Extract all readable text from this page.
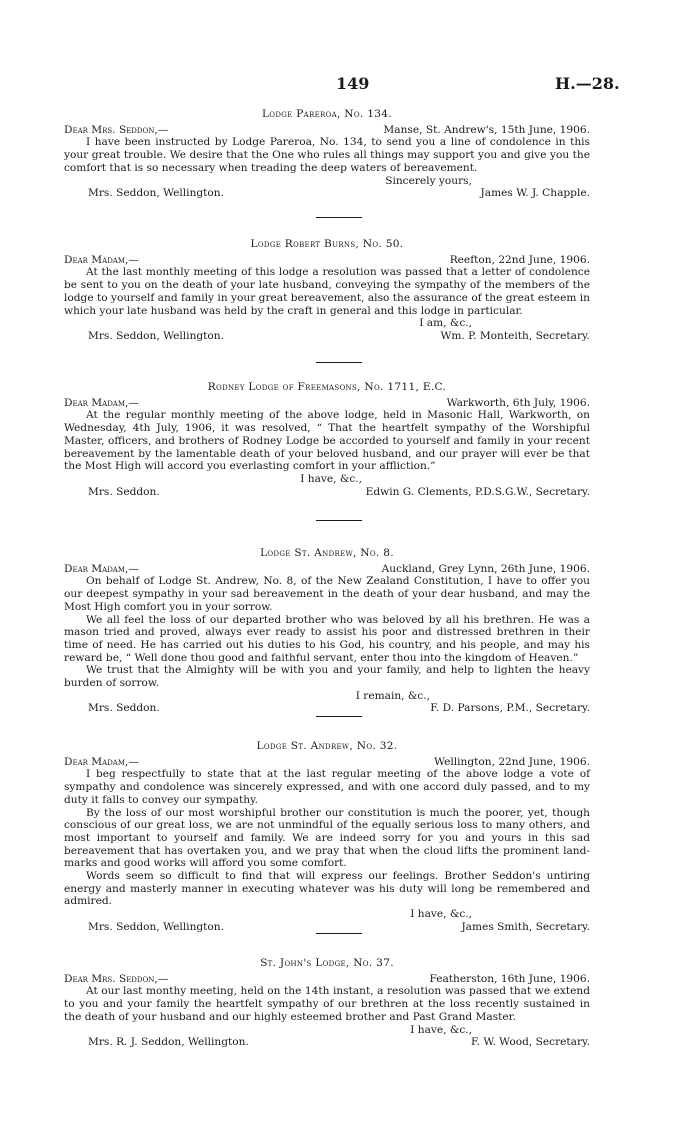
149	H.—28.
Lodge Pareroa, No. 134.
Dear Mrs. Seddon,—	Manse, St. Andrew's, 15th June, 1906.

I have been instructed by Lodge Pareroa, No. 134, to send you a line of condolence in this your great trouble. We desire that the One who rules all things may support you and give you the comfort that is so necessary when treading the deep waters of bereavement.

Sincerely yours,
Mrs. Seddon, Wellington.	James W. J. Chapple.
Lodge Robert Burns, No. 50.
Dear Madam,—	Reefton, 22nd June, 1906.

At the last monthly meeting of this lodge a resolution was passed that a letter of condolence be sent to you on the death of your late husband, conveying the sympathy of the members of the lodge to yourself and family in your great bereavement, also the assurance of the great esteem in which your late husband was held by the craft in general and this lodge in particular.

I am, &c.,
Mrs. Seddon, Wellington.	Wm. P. Monteith, Secretary.
Rodney Lodge of Freemasons, No. 1711, E.C.
Dear Madam,—	Warkworth, 6th July, 1906.

At the regular monthly meeting of the above lodge, held in Masonic Hall, Warkworth, on Wednesday, 4th July, 1906, it was resolved, “ That the heartfelt sympathy of the Worshipful Master, officers, and brothers of Rodney Lodge be accorded to yourself and family in your recent bereavement by the lamentable death of your beloved husband, and our prayer will ever be that the Most High will accord you everlasting comfort in your affliction.”

I have, &c.,
Mrs. Seddon.	Edwin G. Clements, P.D.S.G.W., Secretary.
Lodge St. Andrew, No. 8.
Dear Madam,—	Auckland, Grey Lynn, 26th June, 1906.

On behalf of Lodge St. Andrew, No. 8, of the New Zealand Constitution, I have to offer you our deepest sympathy in your sad bereavement in the death of your dear husband, and may the Most High comfort you in your sorrow.

We all feel the loss of our departed brother who was beloved by all his brethren. He was a mason tried and proved, always ever ready to assist his poor and distressed brethren in their time of need. He has carried out his duties to his God, his country, and his people, and may his reward be, “ Well done thou good and faithful servant, enter thou into the kingdom of Heaven.”

We trust that the Almighty will be with you and your family, and help to lighten the heavy burden of sorrow.

I remain, &c.,
Mrs. Seddon.	F. D. Parsons, P.M., Secretary.
Lodge St. Andrew, No. 32.
Dear Madam,—	Wellington, 22nd June, 1906.

I beg respectfully to state that at the last regular meeting of the above lodge a vote of sympathy and condolence was sincerely expressed, and with one accord duly passed, and to my duty it falls to convey our sympathy.

By the loss of our most worshipful brother our constitution is much the poorer, yet, though conscious of our great loss, we are not unmindful of the equally serious loss to many others, and most important to yourself and family. We are indeed sorry for you and yours in this sad bereavement that has overtaken you, and we pray that when the cloud lifts the prominent land-marks and good works will afford you some comfort.

Words seem so difficult to find that will express our feelings. Brother Seddon's untiring energy and masterly manner in executing whatever was his duty will long be remembered and admired.

I have, &c.,
Mrs. Seddon, Wellington.	James Smith, Secretary.
St. John's Lodge, No. 37.
Dear Mrs. Seddon,—	Featherston, 16th June, 1906.

At our last monthy meeting, held on the 14th instant, a resolution was passed that we extend to you and your family the heartfelt sympathy of our brethren at the loss recently sustained in the death of your husband and our highly esteemed brother and Past Grand Master.

I have, &c.,
Mrs. R. J. Seddon, Wellington.	F. W. Wood, Secretary.
